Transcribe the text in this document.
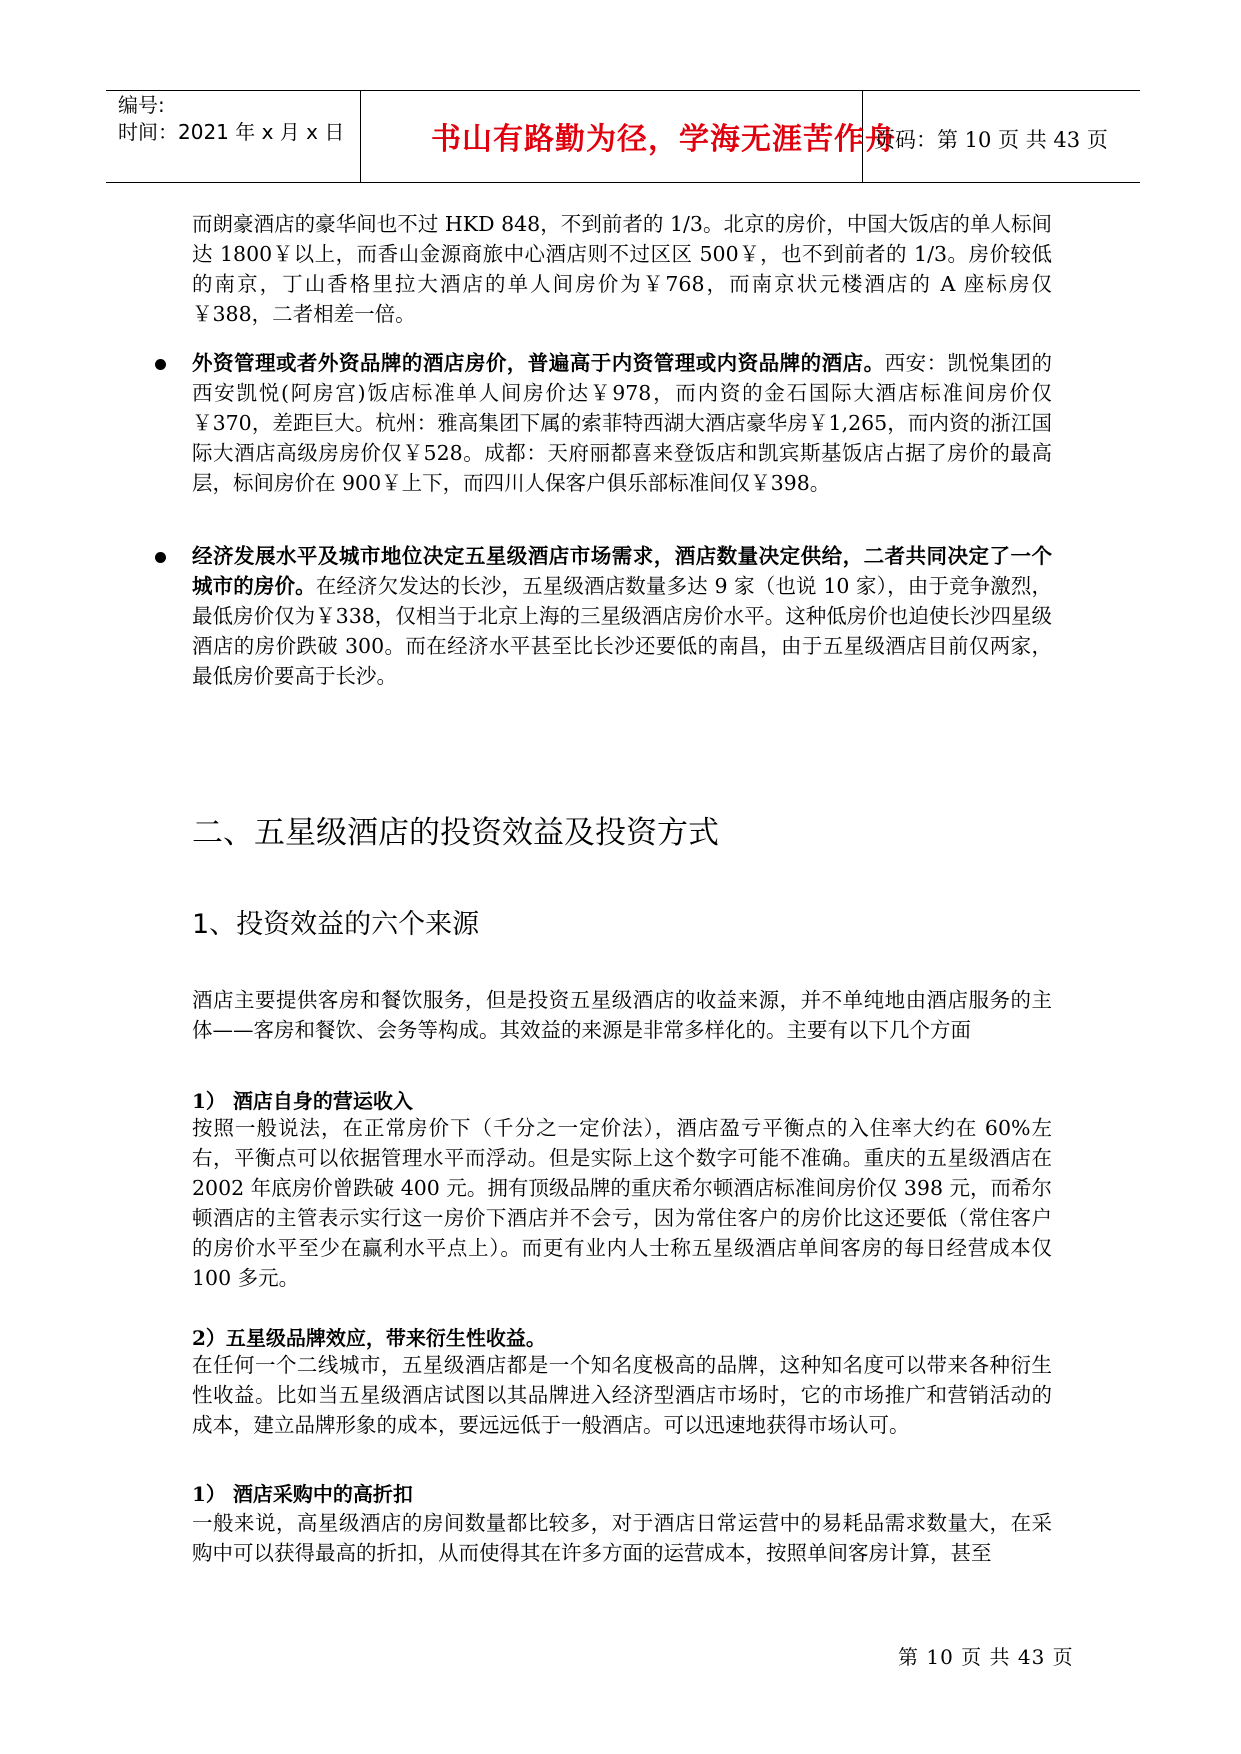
编号:
时间：2021 年 x 月 x 日	书山有路勤为径，学海无涯苦作舟
页码：第 10 页 共 43 页
而朗豪酒店的豪华间也不过 HKD 848，不到前者的 1/3。北京的房价，中国大饭店的单人标间达 1800￥以上，而香山金源商旅中心酒店则不过区区 500￥，也不到前者的 1/3。房价较低的南京，丁山香格里拉大酒店的单人间房价为￥768，而南京状元楼酒店的 A 座标房仅￥388，二者相差一倍。
外资管理或者外资品牌的酒店房价，普遍高于内资管理或内资品牌的酒店。西安：凯悦集团的西安凯悦(阿房宫)饭店标准单人间房价达￥978，而内资的金石国际大酒店标准间房价仅￥370，差距巨大。杭州：雅高集团下属的索菲特西湖大酒店豪华房￥1,265，而内资的浙江国际大酒店高级房房价仅￥528。成都：天府丽都喜来登饭店和凯宾斯基饭店占据了房价的最高层，标间房价在 900￥上下，而四川人保客户俱乐部标准间仅￥398。
经济发展水平及城市地位决定五星级酒店市场需求，酒店数量决定供给，二者共同决定了一个城市的房价。在经济欠发达的长沙，五星级酒店数量多达 9 家（也说 10 家），由于竞争激烈，最低房价仅为￥338，仅相当于北京上海的三星级酒店房价水平。这种低房价也迫使长沙四星级酒店的房价跌破 300。而在经济水平甚至比长沙还要低的南昌，由于五星级酒店目前仅两家，最低房价要高于长沙。
二、五星级酒店的投资效益及投资方式
1、投资效益的六个来源
酒店主要提供客房和餐饮服务，但是投资五星级酒店的收益来源，并不单纯地由酒店服务的主体——客房和餐饮、会务等构成。其效益的来源是非常多样化的。主要有以下几个方面
1） 酒店自身的营运收入
按照一般说法，在正常房价下（千分之一定价法），酒店盈亏平衡点的入住率大约在 60%左右，平衡点可以依据管理水平而浮动。但是实际上这个数字可能不准确。重庆的五星级酒店在 2002 年底房价曾跌破 400 元。拥有顶级品牌的重庆希尔顿酒店标准间房价仅 398 元，而希尔顿酒店的主管表示实行这一房价下酒店并不会亏，因为常住客户的房价比这还要低（常住客户的房价水平至少在赢利水平点上）。而更有业内人士称五星级酒店单间客房的每日经营成本仅 100 多元。
2）五星级品牌效应，带来衍生性收益。
在任何一个二线城市，五星级酒店都是一个知名度极高的品牌，这种知名度可以带来各种衍生性收益。比如当五星级酒店试图以其品牌进入经济型酒店市场时，它的市场推广和营销活动的成本，建立品牌形象的成本，要远远低于一般酒店。可以迅速地获得市场认可。
1） 酒店采购中的高折扣
一般来说，高星级酒店的房间数量都比较多，对于酒店日常运营中的易耗品需求数量大，在采购中可以获得最高的折扣，从而使得其在许多方面的运营成本，按照单间客房计算，甚至
第 10 页 共 43 页
